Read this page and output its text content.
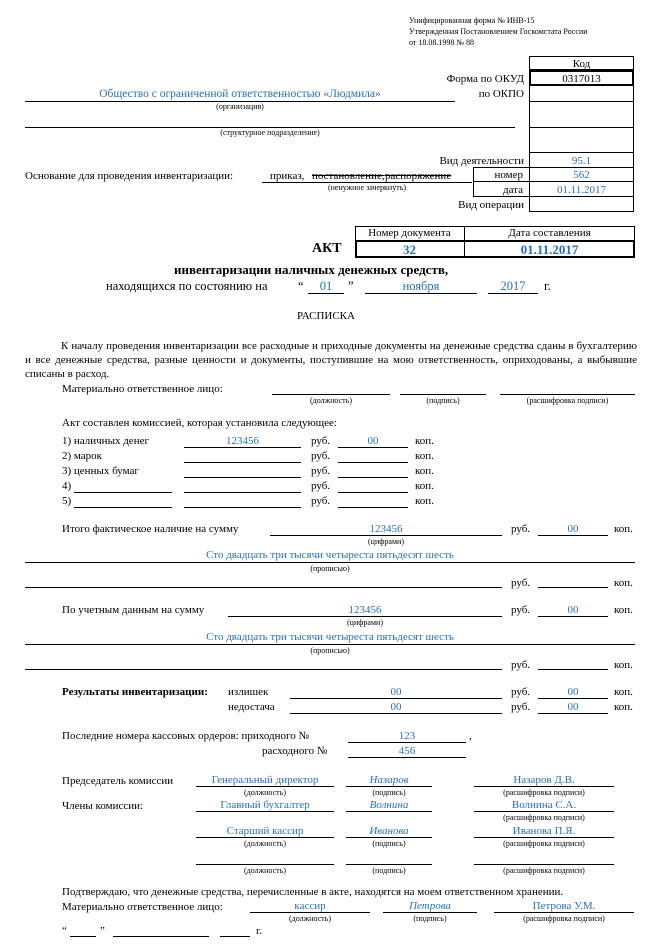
Унифицированная форма № ИНВ-15
Утвержденная Постановлением Госкомстата России
от 18.08.1998 № 88
Код
Форма по ОКУД	0317013
по ОКПО
Вид деятельности	95.1
номер	562
дата	01.11.2017
Вид операции
Общество с ограниченной ответственностью «Людмила»
(организация)
(структурное подразделение)
Основание для проведения инвентаризации:	приказ, постановление, распоряжение
(ненужное зачеркнуть)
Номер документа	Дата составления
АКТ	32	01.11.2017
инвентаризации наличных денежных средств,
находящихся по состоянию на “	01	”	ноября	2017	г.
РАСПИСКА
К началу проведения инвентаризации все расходные и приходные документы на денежные средства сданы в бухгалтерию и все денежные средства, разные ценности и документы, поступившие на мою ответственность, оприходованы, а выбывшие списаны в расход.
Материально ответственное лицо:
(должность)	(подпись)	(расшифровка подписи)
Акт составлен комиссией, которая установила следующее:
1) наличных денег	123456	руб.	00	коп.
2) марок	руб.	коп.
3) ценных бумаг	руб.	коп.
4)	руб.	коп.
5)	руб.	коп.
Итого фактическое наличие на сумму	123456
(цифрами)
руб.	00	коп.
Сто двадцать три тысячи четыреста пятьдесят шесть
(прописью)
руб.	коп.
По учетным данным на сумму	123456
(цифрами)
руб.	00	коп.
Сто двадцать три тысячи четыреста пятьдесят шесть
(прописью)
руб.	коп.
Результаты инвентаризации: излишек	00	руб.	00	коп.
недостача	00	руб.	00	коп.
Последние номера кассовых ордеров: приходного №	123	,
расходного №	456
Председатель комиссии
Члены комиссии:
Генеральный директор	Назаров	Назаров Д.В.
(должность)	(подпись)	(расшифровка подписи)
Главный бухгалтер	Волнина	Волнина С.А.
(расшифровка подписи)
Старший кассир	Иванова	Иванова П.Я.
(должность)	(подпись)	(расшифровка подписи)
(должность)	(подпись)	(расшифровка подписи)
Подтверждаю, что денежные средства, перечисленные в акте, находятся на моем ответственном хранении.
Материально ответственное лицо:	кассир	Петрова	Петрова У.М.
(должность)	(подпись)	(расшифровка подписи)
“	”	г.
